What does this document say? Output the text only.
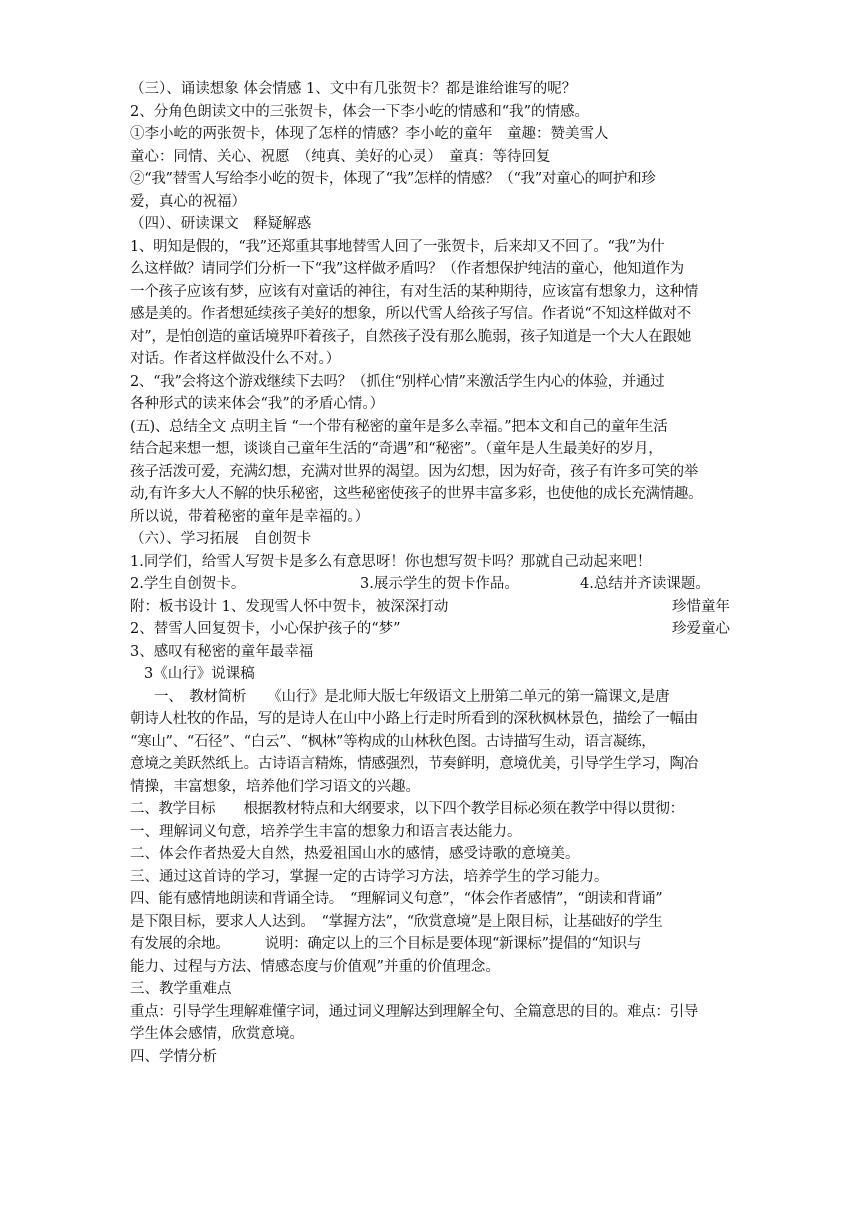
（三）、诵读想象 体会情感 1、文中有几张贺卡？都是谁给谁写的呢？
2、分角色朗读文中的三张贺卡，体会一下李小屹的情感和“我”的情感。
①李小屹的两张贺卡，体现了怎样的情感？李小屹的童年　童趣：赞美雪人
童心：同情、关心、祝愿　（纯真、美好的心灵）　童真：等待回复
②“我”替雪人写给李小屹的贺卡，体现了“我”怎样的情感？（“我”对童心的呵护和珍
爱，真心的祝福）
（四）、研读课文　释疑解惑
1、明知是假的，“我”还郑重其事地替雪人回了一张贺卡，后来却又不回了。“我”为什
么这样做？请同学们分析一下“我”这样做矛盾吗？（作者想保护纯洁的童心，他知道作为
一个孩子应该有梦，应该有对童话的神往，有对生活的某种期待，应该富有想象力，这种情
感是美的。作者想延续孩子美好的想象，所以代雪人给孩子写信。作者说“不知这样做对不
对”，是怕创造的童话境界吓着孩子，自然孩子没有那么脆弱，孩子知道是一个大人在跟她
对话。作者这样做没什么不对。）
2、“我”会将这个游戏继续下去吗？（抓住“别样心情”来激活学生内心的体验，并通过
各种形式的读来体会“我”的矛盾心情。）
(五)、总结全文 点明主旨 “一个带有秘密的童年是多么幸福。”把本文和自己的童年生活
结合起来想一想，谈谈自己童年生活的“奇遇”和“秘密”。（童年是人生最美好的岁月，
孩子活泼可爱，充满幻想，充满对世界的渴望。因为幻想，因为好奇，孩子有许多可笑的举
动,有许多大人不解的快乐秘密，这些秘密使孩子的世界丰富多彩，也使他的成长充满情趣。
所以说，带着秘密的童年是幸福的。）
（六）、学习拓展　自创贺卡
1.同学们，给雪人写贺卡是多么有意思呀！你也想写贺卡吗？那就自己动起来吧！
2.学生自创贺卡。	3.展示学生的贺卡作品。	4.总结并齐读课题。
附：板书设计 1、发现雪人怀中贺卡，被深深打动	珍惜童年
2、替雪人回复贺卡，小心保护孩子的“梦”	珍爱童心
3、感叹有秘密的童年最幸福
3《山行》说课稿
一、　教材简析　　《山行》是北师大版七年级语文上册第二单元的第一篇课文,是唐
朝诗人杜牧的作品，写的是诗人在山中小路上行走时所看到的深秋枫林景色，描绘了一幅由
“寒山”、“石径”、“白云”、“枫林”等构成的山林秋色图。古诗描写生动，语言凝练，
意境之美跃然纸上。古诗语言精炼，情感强烈，节奏鲜明，意境优美，引导学生学习，陶冶
情操，丰富想象，培养他们学习语文的兴趣。
二、教学目标　　根据教材特点和大纲要求，以下四个教学目标必须在教学中得以贯彻：
一、理解词义句意，培养学生丰富的想象力和语言表达能力。
二、体会作者热爱大自然，热爱祖国山水的感情，感受诗歌的意境美。
三、通过这首诗的学习，掌握一定的古诗学习方法，培养学生的学习能力。
四、能有感情地朗读和背诵全诗。　“理解词义句意”，“体会作者感情”，“朗读和背诵”
是下限目标，要求人人达到。　“掌握方法”，“欣赏意境”是上限目标，让基础好的学生
有发展的余地。　　　说明：确定以上的三个目标是要体现“新课标”提倡的“知识与
能力、过程与方法、情感态度与价值观”并重的价值理念。
三、教学重难点
重点：引导学生理解难懂字词，通过词义理解达到理解全句、全篇意思的目的。难点：引导
学生体会感情，欣赏意境。
四、学情分析
